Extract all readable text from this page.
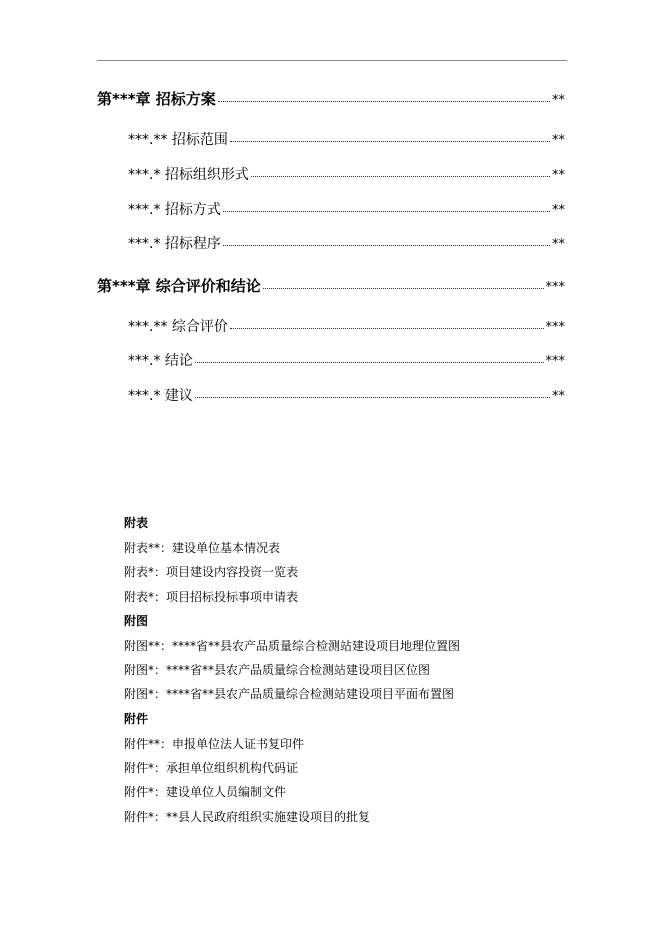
第***章 招标方案	**
***.** 招标范围	**
***.* 招标组织形式	**
***.* 招标方式	**
***.* 招标程序	**
第***章 综合评价和结论	***
***.** 综合评价	***
***.* 结论	***
***.* 建议	**
附表
附表**：建设单位基本情况表
附表*：项目建设内容投资一览表
附表*：项目招标投标事项申请表
附图
附图**：****省**县农产品质量综合检测站建设项目地理位置图
附图*：****省**县农产品质量综合检测站建设项目区位图
附图*：****省**县农产品质量综合检测站建设项目平面布置图
附件
附件**：申报单位法人证书复印件
附件*：承担单位组织机构代码证
附件*：建设单位人员编制文件
附件*：**县人民政府组织实施建设项目的批复
